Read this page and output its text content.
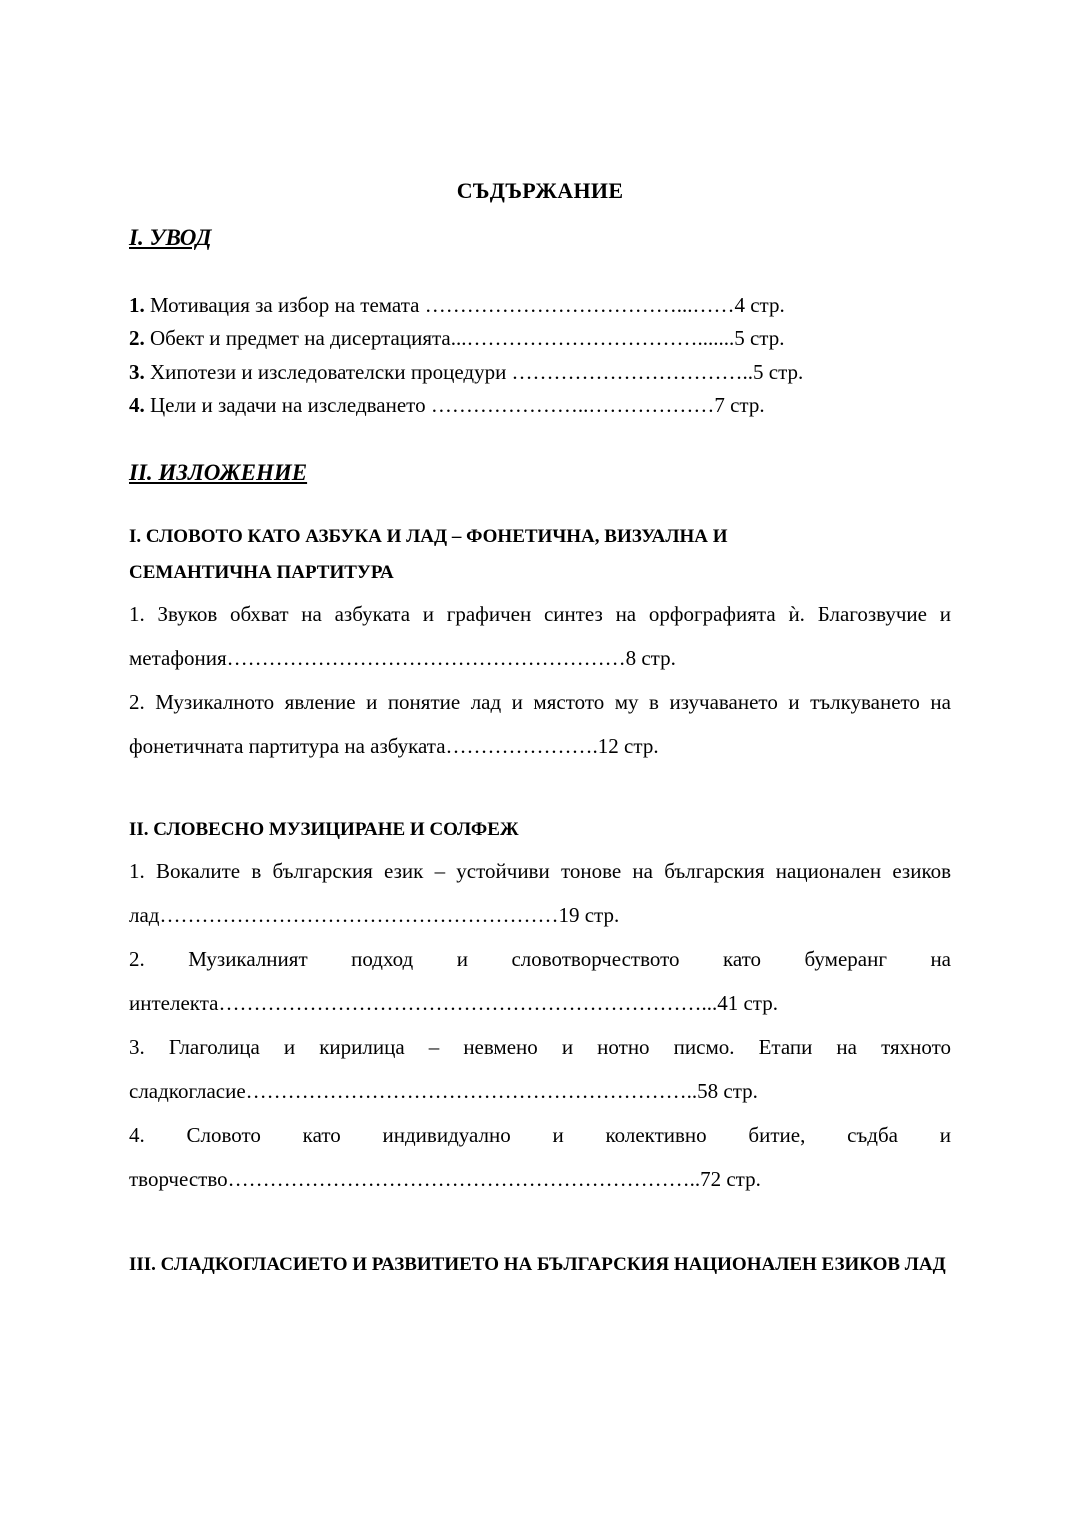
СЪДЪРЖАНИЕ
I. УВОД
1. Мотивация за избор на темата ………………………………...……4 стр.
2. Обект и предмет на дисертацията...…………………………….......5 стр.
3. Хипотези и изследователски процедури ……………………………..5 стр.
4. Цели и задачи на изследването …………………..………………7 стр.
II. ИЗЛОЖЕНИЕ
I. СЛОВОТО КАТО АЗБУКА И ЛАД – ФОНЕТИЧНА, ВИЗУАЛНА И СЕМАНТИЧНА ПАРТИТУРА
1. Звуков обхват на азбуката и графичен синтез на орфографията ѝ. Благозвучие и метафония…………………………………………………8 стр.
2. Музикалното явление и понятие лад и мястото му в изучаването и тълкуването на фонетичната партитура на азбуката………………….12 стр.
II. СЛОВЕСНО МУЗИЦИРАНЕ И СОЛФЕЖ
1. Вокалите в българския език – устойчиви тонове на българския национален езиков лад…………………………………………………19 стр.
2. Музикалният подход и словотворчеството като бумеранг на интелекта……………………………………………………………...41 стр.
3. Глаголица и кирилица – невмено и нотно писмо. Етапи на тяхното сладкогласие………………………………………………………..58 стр.
4. Словото като индивидуално и колективно битие, съдба и творчество…………………………………………………………..72 стр.
III. СЛАДКОГЛАСИЕТО И РАЗВИТИЕТО НА БЪЛГАРСКИЯ НАЦИОНАЛЕН ЕЗИКОВ ЛАД
